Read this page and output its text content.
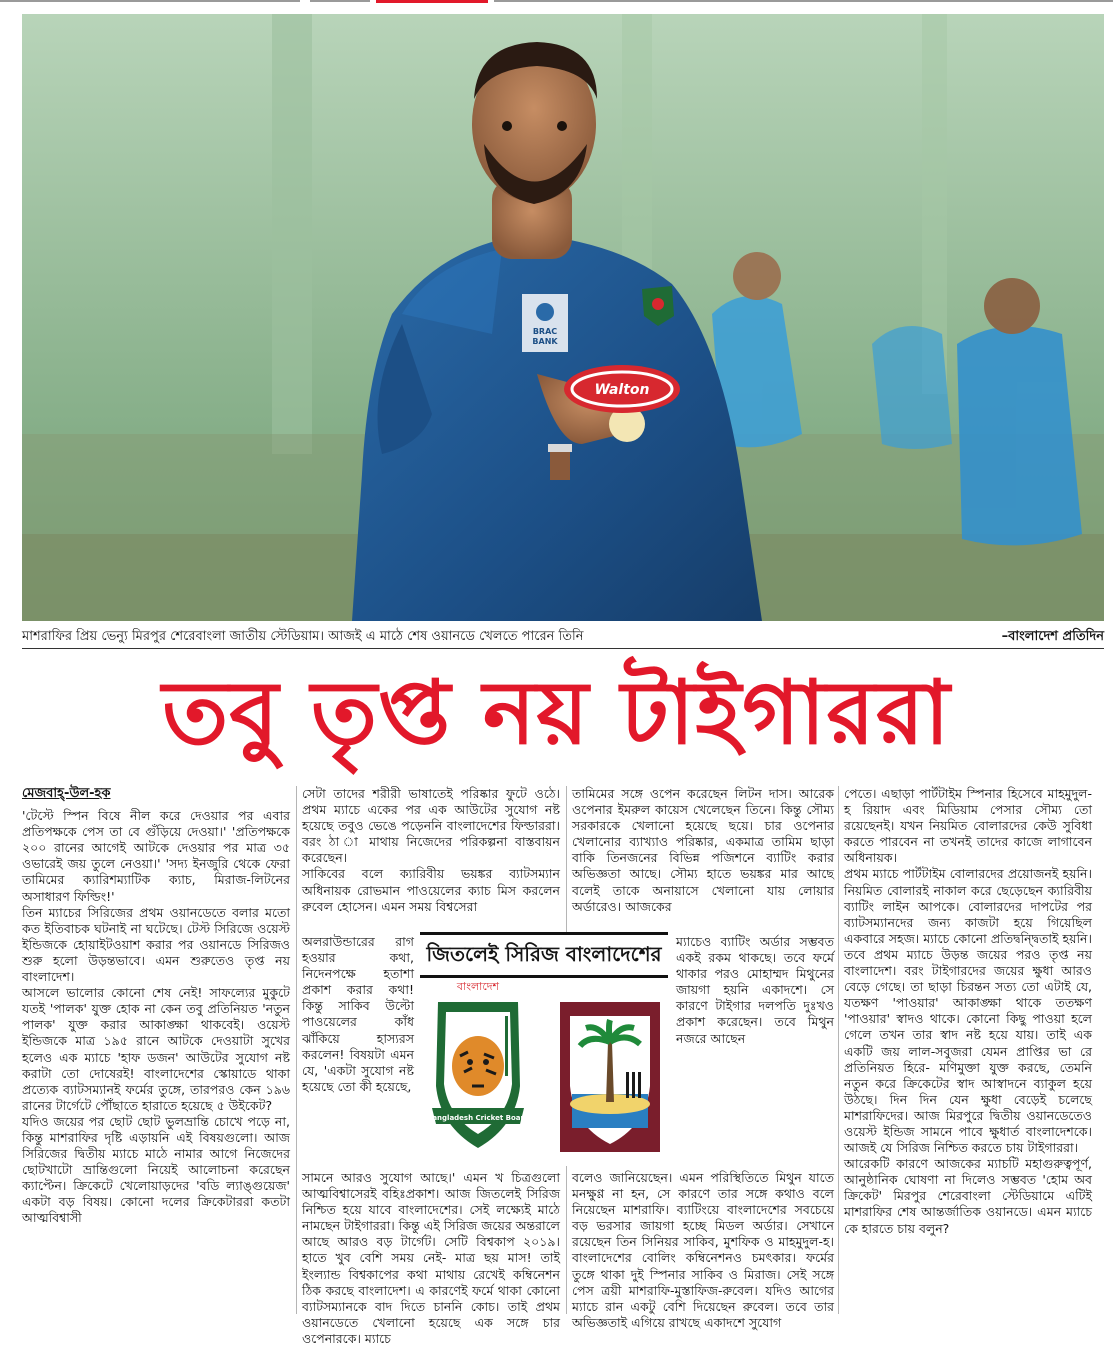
BRAC
BANK
Walton
মাশরাফির প্রিয় ভেন্যু মিরপুর শেরেবাংলা জাতীয় স্টেডিয়াম। আজই এ মাঠে শেষ ওয়ানডে খেলতে পারেন তিনি	–বাংলাদেশ প্রতিদিন
তবু তৃপ্ত নয় টাইগাররা

মেজবাহ্-উল-হক

'টেস্টে স্পিন বিষে নীল করে দেওয়ার পর এবার প্রতিপক্ষকে পেস তা বে গুঁড়িয়ে দেওয়া।' 'প্রতিপক্ষকে ২০০ রানের আগেই আটকে দেওয়ার পর মাত্র ৩৫ ওভারেই জয় তুলে নেওয়া।' 'সদ্য ইনজুরি থেকে ফেরা তামিমের ক্যারিশম্যাটিক ক্যাচ, মিরাজ-লিটনের অসাধারণ ফিল্ডিং!'

তিন ম্যাচের সিরিজের প্রথম ওয়ানডেতে বলার মতো কত ইতিবাচক ঘটনাই না ঘটেছে। টেস্ট সিরিজে ওয়েস্ট ইন্ডিজকে হোয়াইটওয়াশ করার পর ওয়ানডে সিরিজও শুরু হলো উড়ন্তভাবে। এমন শুরুতেও তৃপ্ত নয় বাংলাদেশ।

আসলে ভালোর কোনো শেষ নেই! সাফল্যের মুকুটে যতই 'পালক' যুক্ত হোক না কেন তবু প্রতিনিয়ত 'নতুন পালক' যুক্ত করার আকাঙ্ক্ষা থাকবেই। ওয়েস্ট ইন্ডিজকে মাত্র ১৯৫ রানে আটকে দেওয়াটা সুখের হলেও এক ম্যাচে 'হাফ ডজন' আউটের সুযোগ নষ্ট করাটা তো দোষেরই! বাংলাদেশের স্কোয়াডে থাকা প্রত্যেক ব্যাটসম্যানই ফর্মের তুঙ্গে, তারপরও কেন ১৯৬ রানের টার্গেটে পৌঁছাতে হারাতে হয়েছে ৫ উইকেট?

যদিও জয়ের পর ছোট ছোট ভুলভ্রান্তি চোখে পড়ে না, কিন্তু মাশরাফির দৃষ্টি এড়ায়নি এই বিষয়গুলো। আজ সিরিজের দ্বিতীয় ম্যাচে মাঠে নামার আগে নিজেদের ছোটখাটো ভ্রান্তিগুলো নিয়েই আলোচনা করেছেন ক্যাপ্টেন। ক্রিকেটে খেলোয়াড়দের 'বডি ল্যাঙ্গুয়েজ' একটা বড় বিষয়। কোনো দলের ক্রিকেটাররা কতটা আত্মবিশ্বাসী

সেটা তাদের শরীরী ভাষাতেই পরিষ্কার ফুটে ওঠে। প্রথম ম্যাচে একের পর এক আউটের সুযোগ নষ্ট হয়েছে তবুও ভেঙে পড়েননি বাংলাদেশের ফিল্ডাররা। বরং ঠা া মাথায় নিজেদের পরিকল্পনা বাস্তবায়ন করেছেন।

সাকিবের বলে ক্যারিবীয় ভয়ঙ্কর ব্যাটসম্যান অধিনায়ক রোভমান পাওয়েলের ক্যাচ মিস করলেন রুবেল হোসেন। এমন সময় বিশ্বসেরা

অলরাউন্ডারের রাগ হওয়ার কথা, নিদেনপক্ষে হতাশা প্রকাশ করার কথা! কিন্তু সাকিব উল্টো পাওয়েলের কাঁধ ঝাঁকিয়ে হাস্যরস করলেন! বিষয়টা এমন যে, 'একটা সুযোগ নষ্ট হয়েছে তো কী হয়েছে,

সামনে আরও সুযোগ আছে।' এমন খ চিত্রগুলো আত্মবিশ্বাসেরই বহিঃপ্রকাশ। আজ জিতলেই সিরিজ নিশ্চিত হয়ে যাবে বাংলাদেশের। সেই লক্ষ্যেই মাঠে নামছেন টাইগাররা। কিন্তু এই সিরিজ জয়ের অন্তরালে আছে আরও বড় টার্গেট। সেটি বিশ্বকাপ ২০১৯। হাতে খুব বেশি সময় নেই- মাত্র ছয় মাস! তাই ইংল্যান্ড বিশ্বকাপের কথা মাথায় রেখেই কম্বিনেশন ঠিক করছে বাংলাদেশ। এ কারণেই ফর্মে থাকা কোনো ব্যাটসম্যানকে বাদ দিতে চাননি কোচ। তাই প্রথম ওয়ানডেতে খেলানো হয়েছে এক সঙ্গে চার ওপেনারকে। ম্যাচে

তামিমের সঙ্গে ওপেন করেছেন লিটন দাস। আরেক ওপেনার ইমরুল কায়েস খেলেছেন তিনে। কিন্তু সৌম্য সরকারকে খেলানো হয়েছে ছয়ে। চার ওপেনার খেলানোর ব্যাখ্যাও পরিষ্কার, একমাত্র তামিম ছাড়া বাকি তিনজনের বিভিন্ন পজিশনে ব্যাটিং করার অভিজ্ঞতা আছে। সৌম্য হাতে ভয়ঙ্কর মার আছে বলেই তাকে অনায়াসে খেলানো যায় লোয়ার অর্ডারেও। আজকের

ম্যাচেও ব্যাটিং অর্ডার সম্ভবত একই রকম থাকছে। তবে ফর্মে থাকার পরও মোহাম্মদ মিথুনের জায়গা হয়নি একাদশে। সে কারণে টাইগার দলপতি দুঃখও প্রকাশ করেছেন। তবে মিথুন নজরে আছেন

বলেও জানিয়েছেন। এমন পরিস্থিতিতে মিথুন যাতে মনক্ষুণ্ণ না হন, সে কারণে তার সঙ্গে কথাও বলে নিয়েছেন মাশরাফি। ব্যাটিংয়ে বাংলাদেশের সবচেয়ে বড় ভরসার জায়গা হচ্ছে মিডল অর্ডার। সেখানে রয়েছেন তিন সিনিয়র সাকিব, মুশফিক ও মাহমুদুল-হ। বাংলাদেশের বোলিং কম্বিনেশনও চমৎকার। ফর্মের তুঙ্গে থাকা দুই স্পিনার সাকিব ও মিরাজ। সেই সঙ্গে পেস ত্রয়ী মাশরাফি-মুস্তাফিজ-রুবেল। যদিও আগের ম্যাচে রান একটু বেশি দিয়েছেন রুবেল। তবে তার অভিজ্ঞতাই এগিয়ে রাখছে একাদশে সুযোগ

পেতে। এছাড়া পার্টটাইম স্পিনার হিসেবে মাহমুদুল-হ রিয়াদ এবং মিডিয়াম পেসার সৌম্য তো রয়েছেনই। যখন নিয়মিত বোলারদের কেউ সুবিধা করতে পারবেন না তখনই তাদের কাজে লাগাবেন অধিনায়ক।

প্রথম ম্যাচে পার্টটাইম বোলারদের প্রয়োজনই হয়নি। নিয়মিত বোলারই নাকাল করে ছেড়েছেন ক্যারিবীয় ব্যাটিং লাইন আপকে। বোলারদের দাপটের পর ব্যাটসম্যানদের জন্য কাজটা হয়ে গিয়েছিল একবারে সহজ। ম্যাচে কোনো প্রতিদ্বন্দ্বিতাই হয়নি। তবে প্রথম ম্যাচে উড়ন্ত জয়ের পরও তৃপ্ত নয় বাংলাদেশ। বরং টাইগারদের জয়ের ক্ষুধা আরও বেড়ে গেছে। তা ছাড়া চিরন্তন সত্য তো এটাই যে, যতক্ষণ 'পাওয়ার' আকাঙ্ক্ষা থাকে ততক্ষণ 'পাওয়ার' স্বাদও থাকে। কোনো কিছু পাওয়া হলে গেলে তখন তার স্বাদ নষ্ট হয়ে যায়। তাই এক একটি জয় লাল-সবুজরা যেমন প্রাপ্তির ভা রে প্রতিনিয়ত হিরে- মণিমুক্তা যুক্ত করছে, তেমনি নতুন করে ক্রিকেটের স্বাদ আস্বাদনে ব্যাকুল হয়ে উঠছে। দিন দিন যেন ক্ষুধা বেড়েই চলেছে মাশরাফিদের। আজ মিরপুরে দ্বিতীয় ওয়ানডেতেও ওয়েস্ট ইন্ডিজ সামনে পাবে ক্ষুধার্ত বাংলাদেশকে। আজই যে সিরিজ নিশ্চিত করতে চায় টাইগাররা।

আরেকটি কারণে আজকের ম্যাচটি মহাগুরুত্বপূর্ণ, আনুষ্ঠানিক ঘোষণা না দিলেও সম্ভবত 'হোম অব ক্রিকেট' মিরপুর শেরেবাংলা স্টেডিয়ামে এটিই মাশরাফির শেষ আন্তর্জাতিক ওয়ানডে। এমন ম্যাচে কে হারতে চায় বলুন?

জিতলেই সিরিজ বাংলাদেশের
বাংলাদেশ
Bangladesh Cricket Board
